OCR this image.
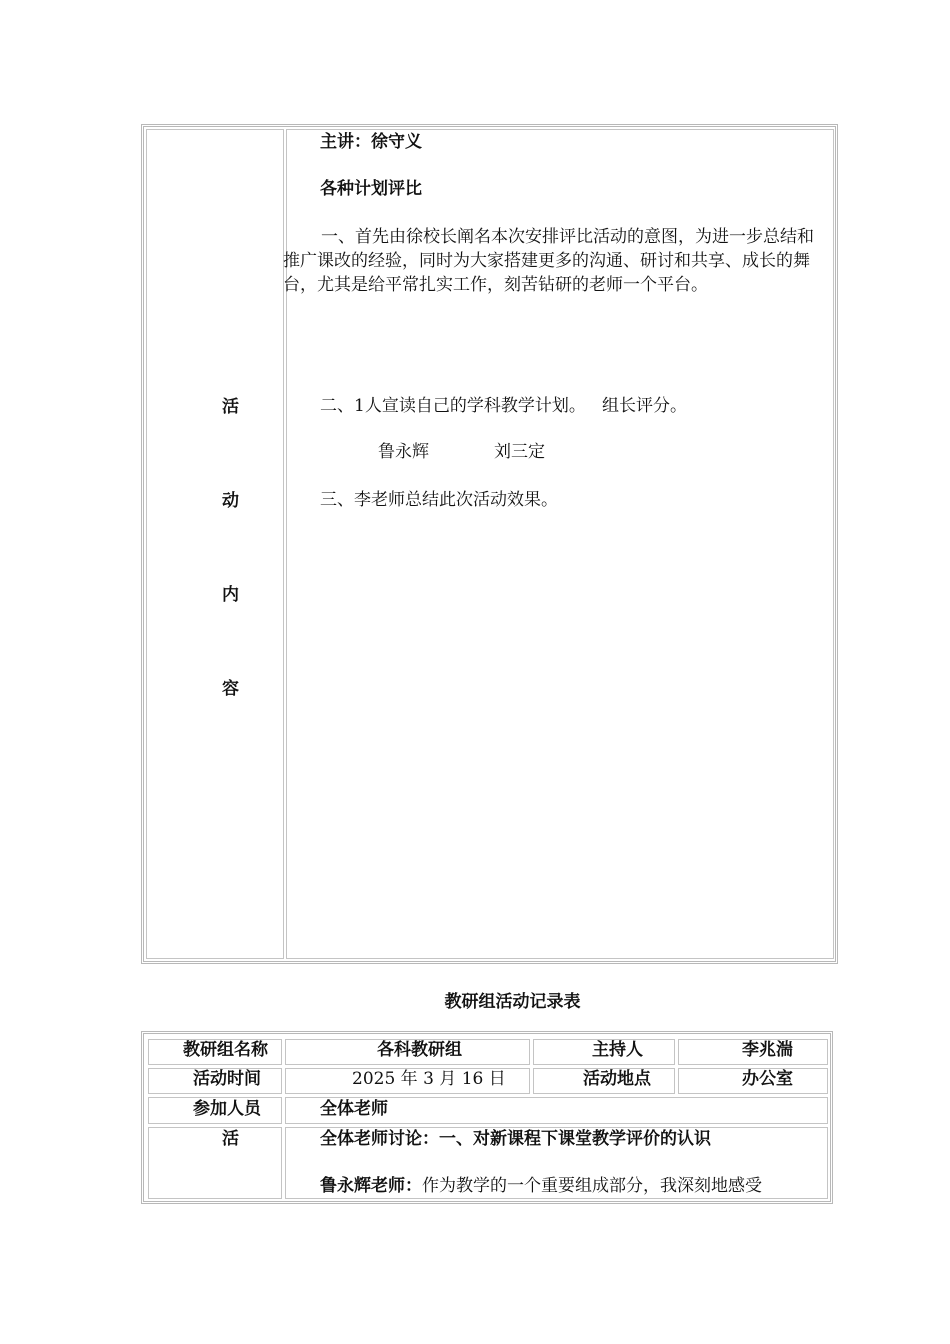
活
动
内
容
主讲：徐守义
各种计划评比
一、首先由徐校长阐名本次安排评比活动的意图，为进一步总结和推广课改的经验，同时为大家搭建更多的沟通、研讨和共享、成长的舞台，尤其是给平常扎实工作，刻苦钻研的老师一个平台。
二、1人宣读自己的学科教学计划。   组长评分。
鲁永辉	刘三定
三、李老师总结此次活动效果。
教研组活动记录表
教研组名称	各科教研组	主持人	李兆湍
活动时间	2025 年 3 月 16 日	活动地点	办公室
参加人员	全体老师
活	全体老师讨论：一、对新课程下课堂教学评价的认识
鲁永辉老师：作为教学的一个重要组成部分，我深刻地感受
